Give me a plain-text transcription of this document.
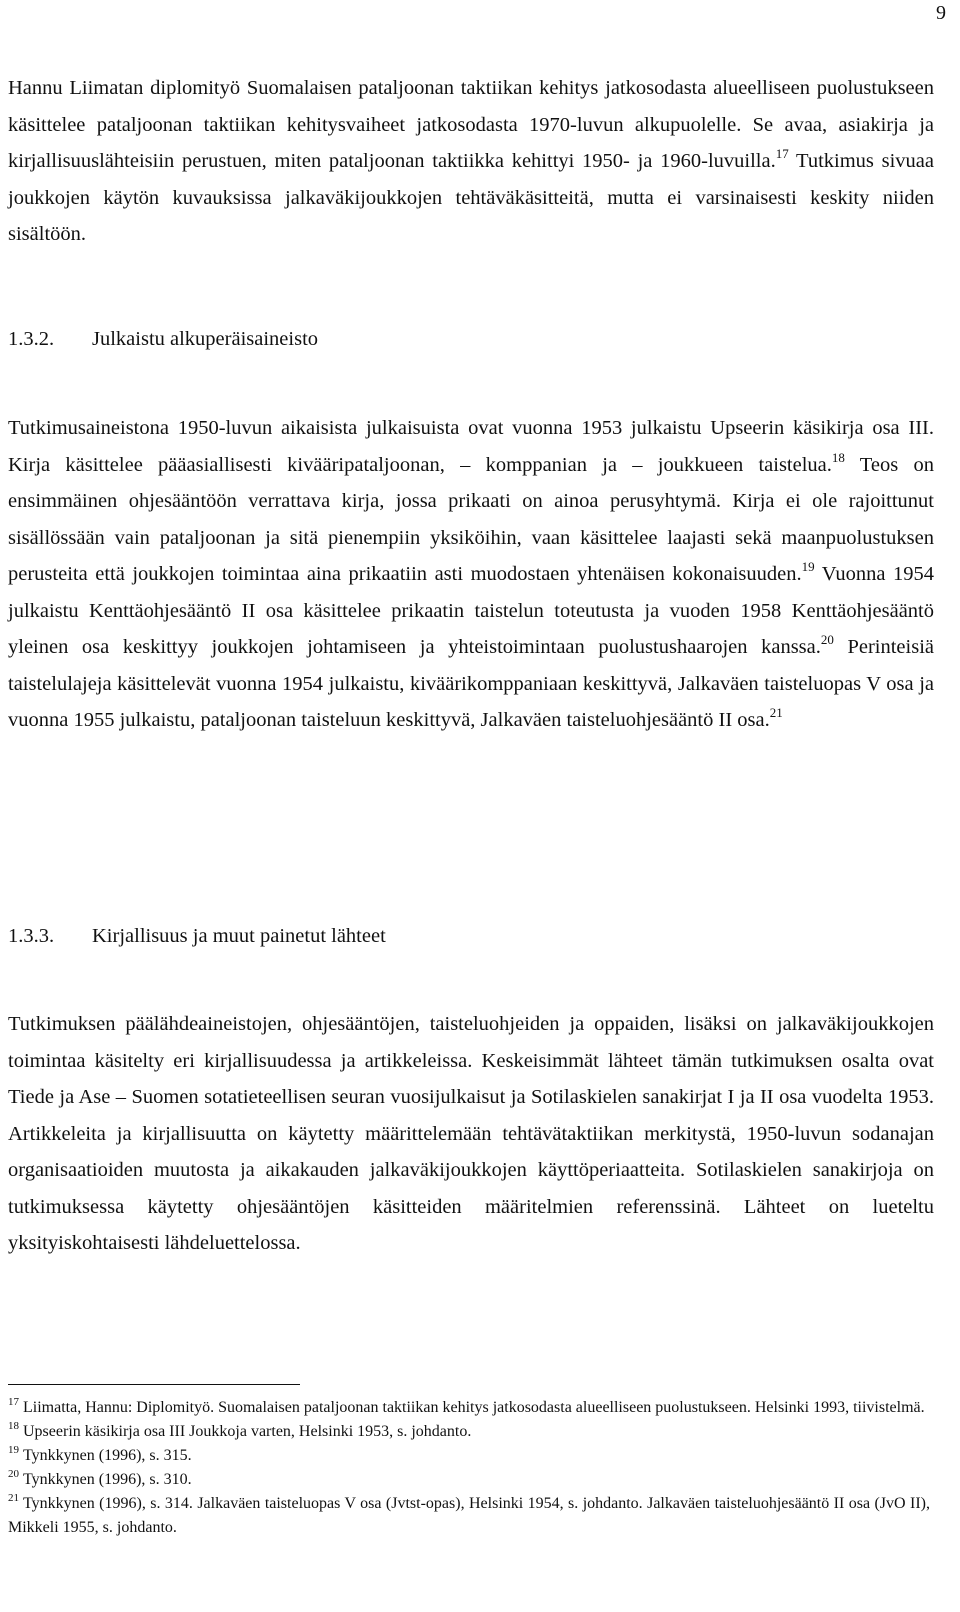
9

Hannu Liimatan diplomityö Suomalaisen pataljoonan taktiikan kehitys jatkosodasta alueelliseen puolustukseen käsittelee pataljoonan taktiikan kehitysvaiheet jatkosodasta 1970-luvun alkupuolelle. Se avaa, asiakirja ja kirjallisuuslähteisiin perustuen, miten pataljoonan taktiikka kehittyi 1950- ja 1960-luvuilla.$^{17}$ Tutkimus sivuaa joukkojen käytön kuvauksissa jalkaväkijoukkojen tehtäväkäsitteitä, mutta ei varsinaisesti keskity niiden sisältöön.

1.3.2. Julkaistu alkuperäisaineisto

Tutkimusaineistona 1950-luvun aikaisista julkaisuista ovat vuonna 1953 julkaistu Upseerin käsikirja osa III. Kirja käsittelee pääasiallisesti kivääripataljoonan, – komppanian ja – joukkueen taistelua.$^{18}$ Teos on ensimmäinen ohjesääntöön verrattava kirja, jossa prikaati on ainoa perusyhtymä. Kirja ei ole rajoittunut sisällössään vain pataljoonan ja sitä pienempiin yksiköihin, vaan käsittelee laajasti sekä maanpuolustuksen perusteita että joukkojen toimintaa aina prikaatiin asti muodostaen yhtenäisen kokonaisuuden.$^{19}$ Vuonna 1954 julkaistu Kenttäohjesääntö II osa käsittelee prikaatin taistelun toteutusta ja vuoden 1958 Kenttäohjesääntö yleinen osa keskittyy joukkojen johtamiseen ja yhteistoimintaan puolustushaarojen kanssa.$^{20}$ Perinteisiä taistelulajeja käsittelevät vuonna 1954 julkaistu, kiväärikomppaniaan keskittyvä, Jalkaväen taisteluopas V osa ja vuonna 1955 julkaistu, pataljoonan taisteluun keskittyvä, Jalkaväen taisteluohjesääntö II osa.$^{21}$

1.3.3. Kirjallisuus ja muut painetut lähteet

Tutkimuksen päälähdeaineistojen, ohjesääntöjen, taisteluohjeiden ja oppaiden, lisäksi on jalkaväkijoukkojen toimintaa käsitelty eri kirjallisuudessa ja artikkeleissa. Keskeisimmät lähteet tämän tutkimuksen osalta ovat Tiede ja Ase – Suomen sotatieteellisen seuran vuosijulkaisut ja Sotilaskielen sanakirjat I ja II osa vuodelta 1953. Artikkeleita ja kirjallisuutta on käytetty määrittelemään tehtävätaktiikan merkitystä, 1950-luvun sodanajan organisaatioiden muutosta ja aikakauden jalkaväkijoukkojen käyttöperiaatteita. Sotilaskielen sanakirjoja on tutkimuksessa käytetty ohjesääntöjen käsitteiden määritelmien referenssinä. Lähteet on lueteltu yksityiskohtaisesti lähdeluettelossa.

$^{17}$ Liimatta, Hannu: Diplomityö. Suomalaisen pataljoonan taktiikan kehitys jatkosodasta alueelliseen puolustukseen. Helsinki 1993, tiivistelmä.

$^{18}$ Upseerin käsikirja osa III Joukkoja varten, Helsinki 1953, s. johdanto.

$^{19}$ Tynkkynen (1996), s. 315.

$^{20}$ Tynkkynen (1996), s. 310.

$^{21}$ Tynkkynen (1996), s. 314. Jalkaväen taisteluopas V osa (Jvtst-opas), Helsinki 1954, s. johdanto. Jalkaväen taisteluohjesääntö II osa (JvO II), Mikkeli 1955, s. johdanto.
